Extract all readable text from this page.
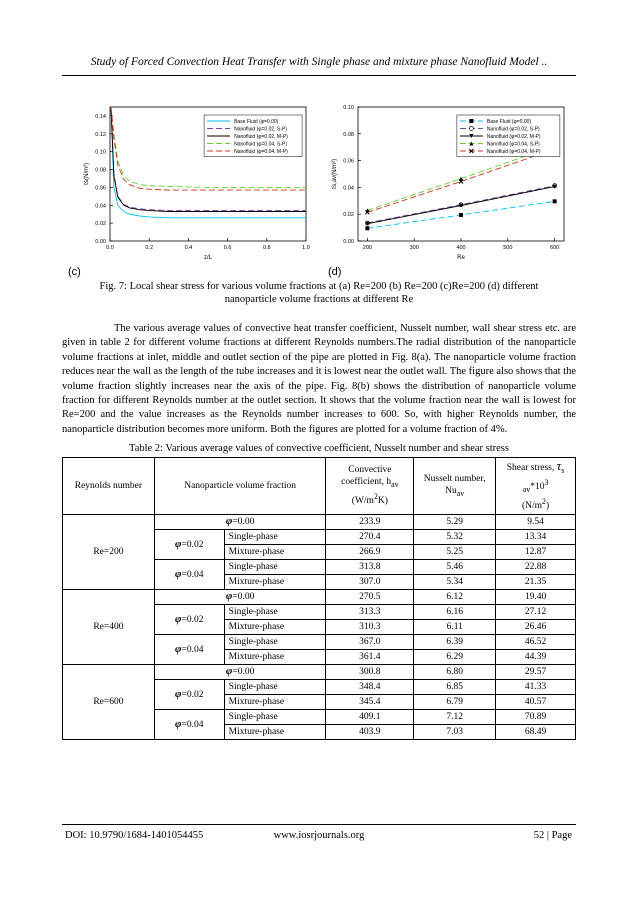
Study of Forced Convection Heat Transfer with Single phase and mixture phase Nanofluid Model ..
0.00
0.02
0.04
0.06
0.08
0.10
0.12
0.14
0.0	0.2	0.4	0.6	0.8	1.0
z/L
τs(N/m²)
Base Fluid (φ=0.00)
Nanofluid (φ=0.02, S-P)
Nanofluid (φ=0.02, M-P)
Nanofluid (φ=0.04, S-P)
Nanofluid (φ=0.04, M-P)
0.00
0.02
0.04
0.06
0.08
0.10
200	300	400	500	600
Re
τs,av(N/m²)
Base Fluid (φ=0.00)
Nanofluid (φ=0.02, S-P)
Nanofluid (φ=0.02, M-P)
Nanofluid (φ=0.04, S-P)
Nanofluid (φ=0.04, M-P)
(c)	(d)
Fig. 7: Local shear stress for various volume fractions at (a) Re=200 (b) Re=200 (c)Re=200 (d) different
nanoparticle volume fractions at different Re
The various average values of convective heat transfer coefficient, Nusselt number, wall shear stress etc. are given in table 2 for different volume fractions at different Reynolds numbers.The radial distribution of the nanoparticle volume fractions at inlet, middle and outlet section of the pipe are plotted in Fig. 8(a). The nanoparticle volume fraction reduces near the wall as the length of the tube increases and it is lowest near the outlet wall. The figure also shows that the volume fraction slightly increases near the axis of the pipe. Fig. 8(b) shows the distribution of nanoparticle volume fraction for different Reynolds number at the outlet section. It shows that the volume fraction near the wall is lowest for Re=200 and the value increases as the Reynolds number increases to 600. So, with higher Reynolds number, the nanoparticle distribution becomes more uniform. Both the figures are plotted for a volume fraction of 4%.
Table 2: Various average values of convective coefficient, Nusselt number and shear stress
Reynolds number	Nanoparticle volume fraction		Convective
coefficient, $h_{av}$
$(W/m^2K)$	Nusselt number,
$Nu_{av}$	Shear stress, $\tau_s$
$_{av}*10^3$
$(N/m^2)$
Re=200	φ=0.00		233.9	5.29	9.54
	φ=0.02	Single-phase	270.4	5.32	13.34
		Mixture-phase	266.9	5.25	12.87
	φ=0.04	Single-phase	313.8	5.46	22.88
		Mixture-phase	307.0	5.34	21.35
Re=400	φ=0.00		270.5	6.12	19.40
	φ=0.02	Single-phase	313.3	6.16	27.12
		Mixture-phase	310.3	6.11	26.46
	φ=0.04	Single-phase	367.0	6.39	46.52
		Mixture-phase	361.4	6.29	44.39
Re=600	φ=0.00		300.8	6.80	29.57
	φ=0.02	Single-phase	348.4	6.85	41.33
		Mixture-phase	345.4	6.79	40.57
	φ=0.04	Single-phase	409.1	7.12	70.89
		Mixture-phase	403.9	7.03	68.49
DOI: 10.9790/1684-1401054455	www.iosrjournals.org	52 | Page
